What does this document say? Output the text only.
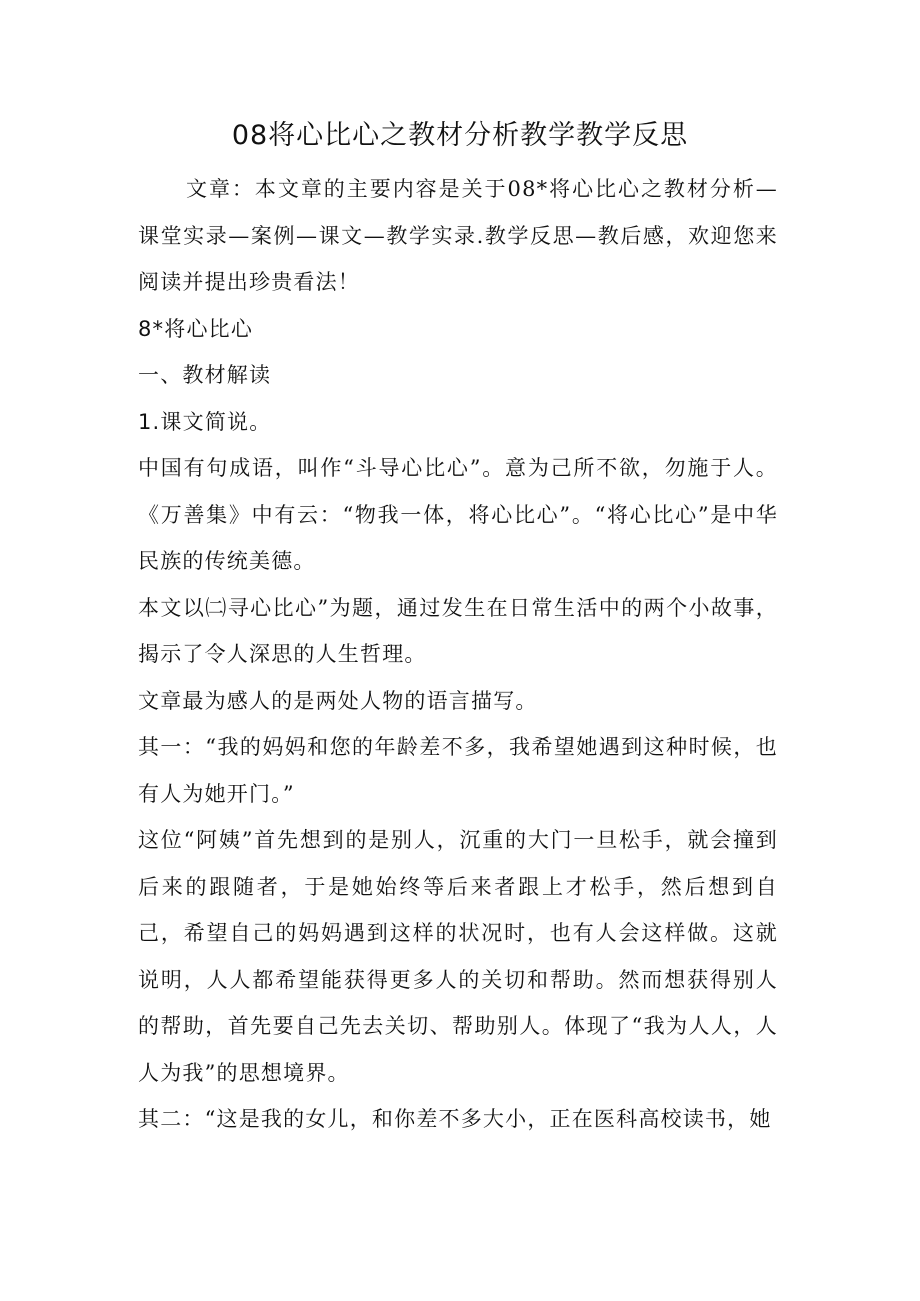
08将心比心之教材分析教学教学反思

文章：本文章的主要内容是关于08*将心比心之教材分析—课堂实录—案例—课文—教学实录.教学反思—教后感，欢迎您来阅读并提出珍贵看法！

8*将心比心

一、教材解读

1.课文简说。

中国有句成语，叫作“斗导心比心”。意为己所不欲，勿施于人。《万善集》中有云：“物我一体，将心比心”。“将心比心”是中华民族的传统美德。

本文以㈡寻心比心”为题，通过发生在日常生活中的两个小故事，揭示了令人深思的人生哲理。

文章最为感人的是两处人物的语言描写。

其一：“我的妈妈和您的年龄差不多，我希望她遇到这种时候，也有人为她开门。”

这位“阿姨”首先想到的是别人，沉重的大门一旦松手，就会撞到后来的跟随者，于是她始终等后来者跟上才松手，然后想到自己，希望自己的妈妈遇到这样的状况时，也有人会这样做。这就说明，人人都希望能获得更多人的关切和帮助。然而想获得别人的帮助，首先要自己先去关切、帮助别人。体现了“我为人人，人人为我”的思想境界。

其二：“这是我的女儿，和你差不多大小，正在医科高校读书，她
